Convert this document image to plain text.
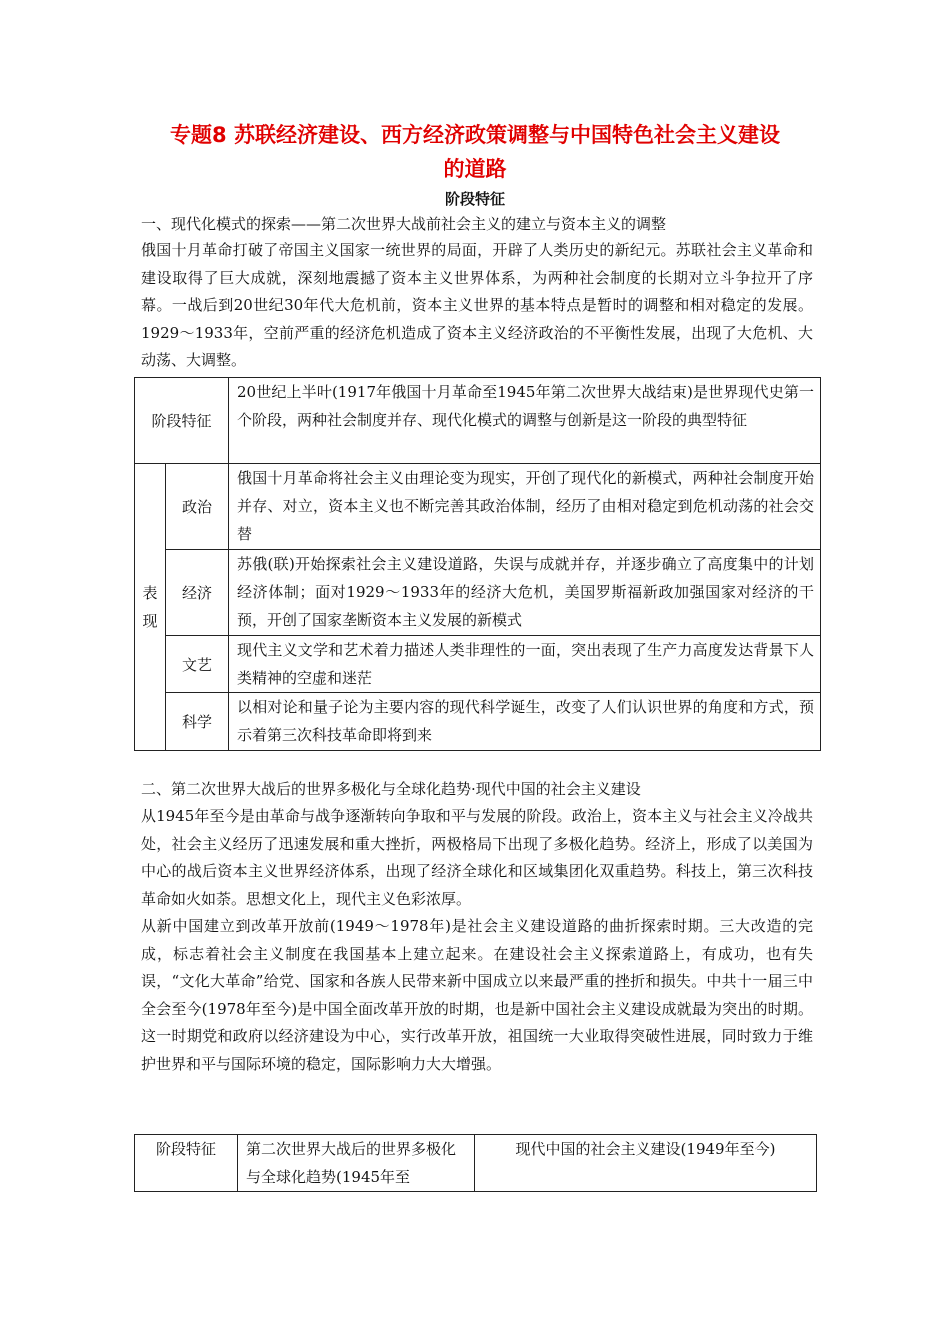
专题8 苏联经济建设、西方经济政策调整与中国特色社会主义建设
的道路
阶段特征

一、现代化模式的探索——第二次世界大战前社会主义的建立与资本主义的调整

俄国十月革命打破了帝国主义国家一统世界的局面，开辟了人类历史的新纪元。苏联社会主义革命和建设取得了巨大成就，深刻地震撼了资本主义世界体系，为两种社会制度的长期对立斗争拉开了序幕。一战后到20世纪30年代大危机前，资本主义世界的基本特点是暂时的调整和相对稳定的发展。1929～1933年，空前严重的经济危机造成了资本主义经济政治的不平衡性发展，出现了大危机、大动荡、大调整。

阶段特征		20世纪上半叶(1917年俄国十月革命至1945年第二次世界大战结束)是世界现代史第一个阶段，两种社会制度并存、现代化模式的调整与创新是这一阶段的典型特征
表现	政治	俄国十月革命将社会主义由理论变为现实，开创了现代化的新模式，两种社会制度开始并存、对立，资本主义也不断完善其政治体制，经历了由相对稳定到危机动荡的社会交替
	经济	苏俄(联)开始探索社会主义建设道路，失误与成就并存，并逐步确立了高度集中的计划经济体制；面对1929～1933年的经济大危机，美国罗斯福新政加强国家对经济的干预，开创了国家垄断资本主义发展的新模式
	文艺	现代主义文学和艺术着力描述人类非理性的一面，突出表现了生产力高度发达背景下人类精神的空虚和迷茫
	科学	以相对论和量子论为主要内容的现代科学诞生，改变了人们认识世界的角度和方式，预示着第三次科技革命即将到来

二、第二次世界大战后的世界多极化与全球化趋势·现代中国的社会主义建设

从1945年至今是由革命与战争逐渐转向争取和平与发展的阶段。政治上，资本主义与社会主义冷战共处，社会主义经历了迅速发展和重大挫折，两极格局下出现了多极化趋势。经济上，形成了以美国为中心的战后资本主义世界经济体系，出现了经济全球化和区域集团化双重趋势。科技上，第三次科技革命如火如荼。思想文化上，现代主义色彩浓厚。

从新中国建立到改革开放前(1949～1978年)是社会主义建设道路的曲折探索时期。三大改造的完成，标志着社会主义制度在我国基本上建立起来。在建设社会主义探索道路上，有成功，也有失误，“文化大革命”给党、国家和各族人民带来新中国成立以来最严重的挫折和损失。中共十一届三中全会至今(1978年至今)是中国全面改革开放的时期，也是新中国社会主义建设成就最为突出的时期。这一时期党和政府以经济建设为中心，实行改革开放，祖国统一大业取得突破性进展，同时致力于维护世界和平与国际环境的稳定，国际影响力大大增强。

阶段特征	第二次世界大战后的世界多极化与全球化趋势(1945年至	现代中国的社会主义建设(1949年至今)
